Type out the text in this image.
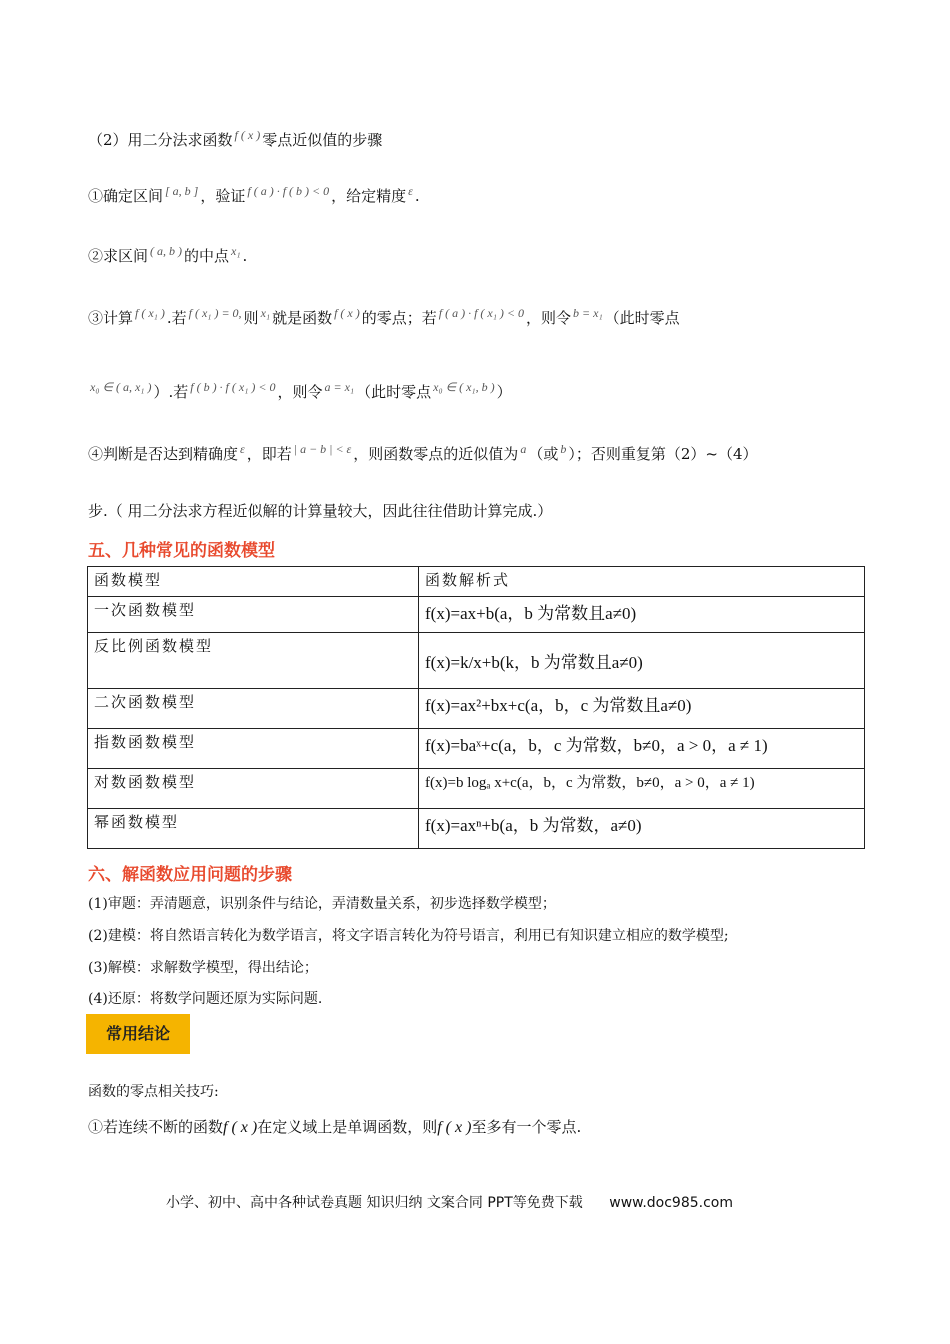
（2）用二分法求函数 $^{f ( x )}$ 零点近似值的步骤
①确定区间 [ a, b ] ，验证 $^{f ( a ) \cdot f ( b ) < 0}$ ，给定精度 $^\varepsilon$ .
②求区间 $^{( a, b )}$ 的中点 $^{x_1}$ .
③计算 $^{f ( x_1 )}$ .若 $^{f ( x_1 ) = 0,}$ 则 $^{x_1}$ 就是函数 $^{f ( x )}$ 的零点；若 $^{f ( a ) \cdot f ( x_1 ) < 0}$ ，则令 $^{b = x_1}$ （此时零点
$^{x_0 \in ( a, x_1 )}$ ）.若 $^{f ( b ) \cdot f ( x_1 ) < 0}$ ，则令 $^{a = x_1}$ （此时零点 $^{x_0 \in ( x_1, b )}$ ）
④判断是否达到精确度 $^\varepsilon$ ，即若 $^{| a - b | < \varepsilon}$ ，则函数零点的近似值为 $^a$ （或 $^b$ ）；否则重复第（2）~（4）
步.（ 用二分法求方程近似解的计算量较大，因此往往借助计算完成.）
五、几种常见的函数模型
函数模型	函数解析式
一次函数模型	f(x)=ax+b(a，b 为常数且a≠0)
反比例函数模型	f(x)=k/x+b(k，b 为常数且a≠0)
二次函数模型	f(x)=ax²+bx+c(a，b，c 为常数且a≠0)
指数函数模型	f(x)=baˣ+c(a，b，c 为常数，b≠0，a > 0，a ≠ 1)
对数函数模型	f(x)=b logₐ x+c(a，b，c 为常数，b≠0，a > 0，a ≠ 1)
幂函数模型	f(x)=axⁿ+b(a，b 为常数，a≠0)
六、解函数应用问题的步骤
(1)审题：弄清题意，识别条件与结论，弄清数量关系，初步选择数学模型；
(2)建模：将自然语言转化为数学语言，将文字语言转化为符号语言，利用已有知识建立相应的数学模型;
(3)解模：求解数学模型，得出结论；
(4)还原：将数学问题还原为实际问题.
常用结论
函数的零点相关技巧:
①若连续不断的函数f ( x )在定义域上是单调函数，则f ( x )至多有一个零点.
小学、初中、高中各种试卷真题 知识归纳 文案合同 PPT等免费下载 www.doc985.com
